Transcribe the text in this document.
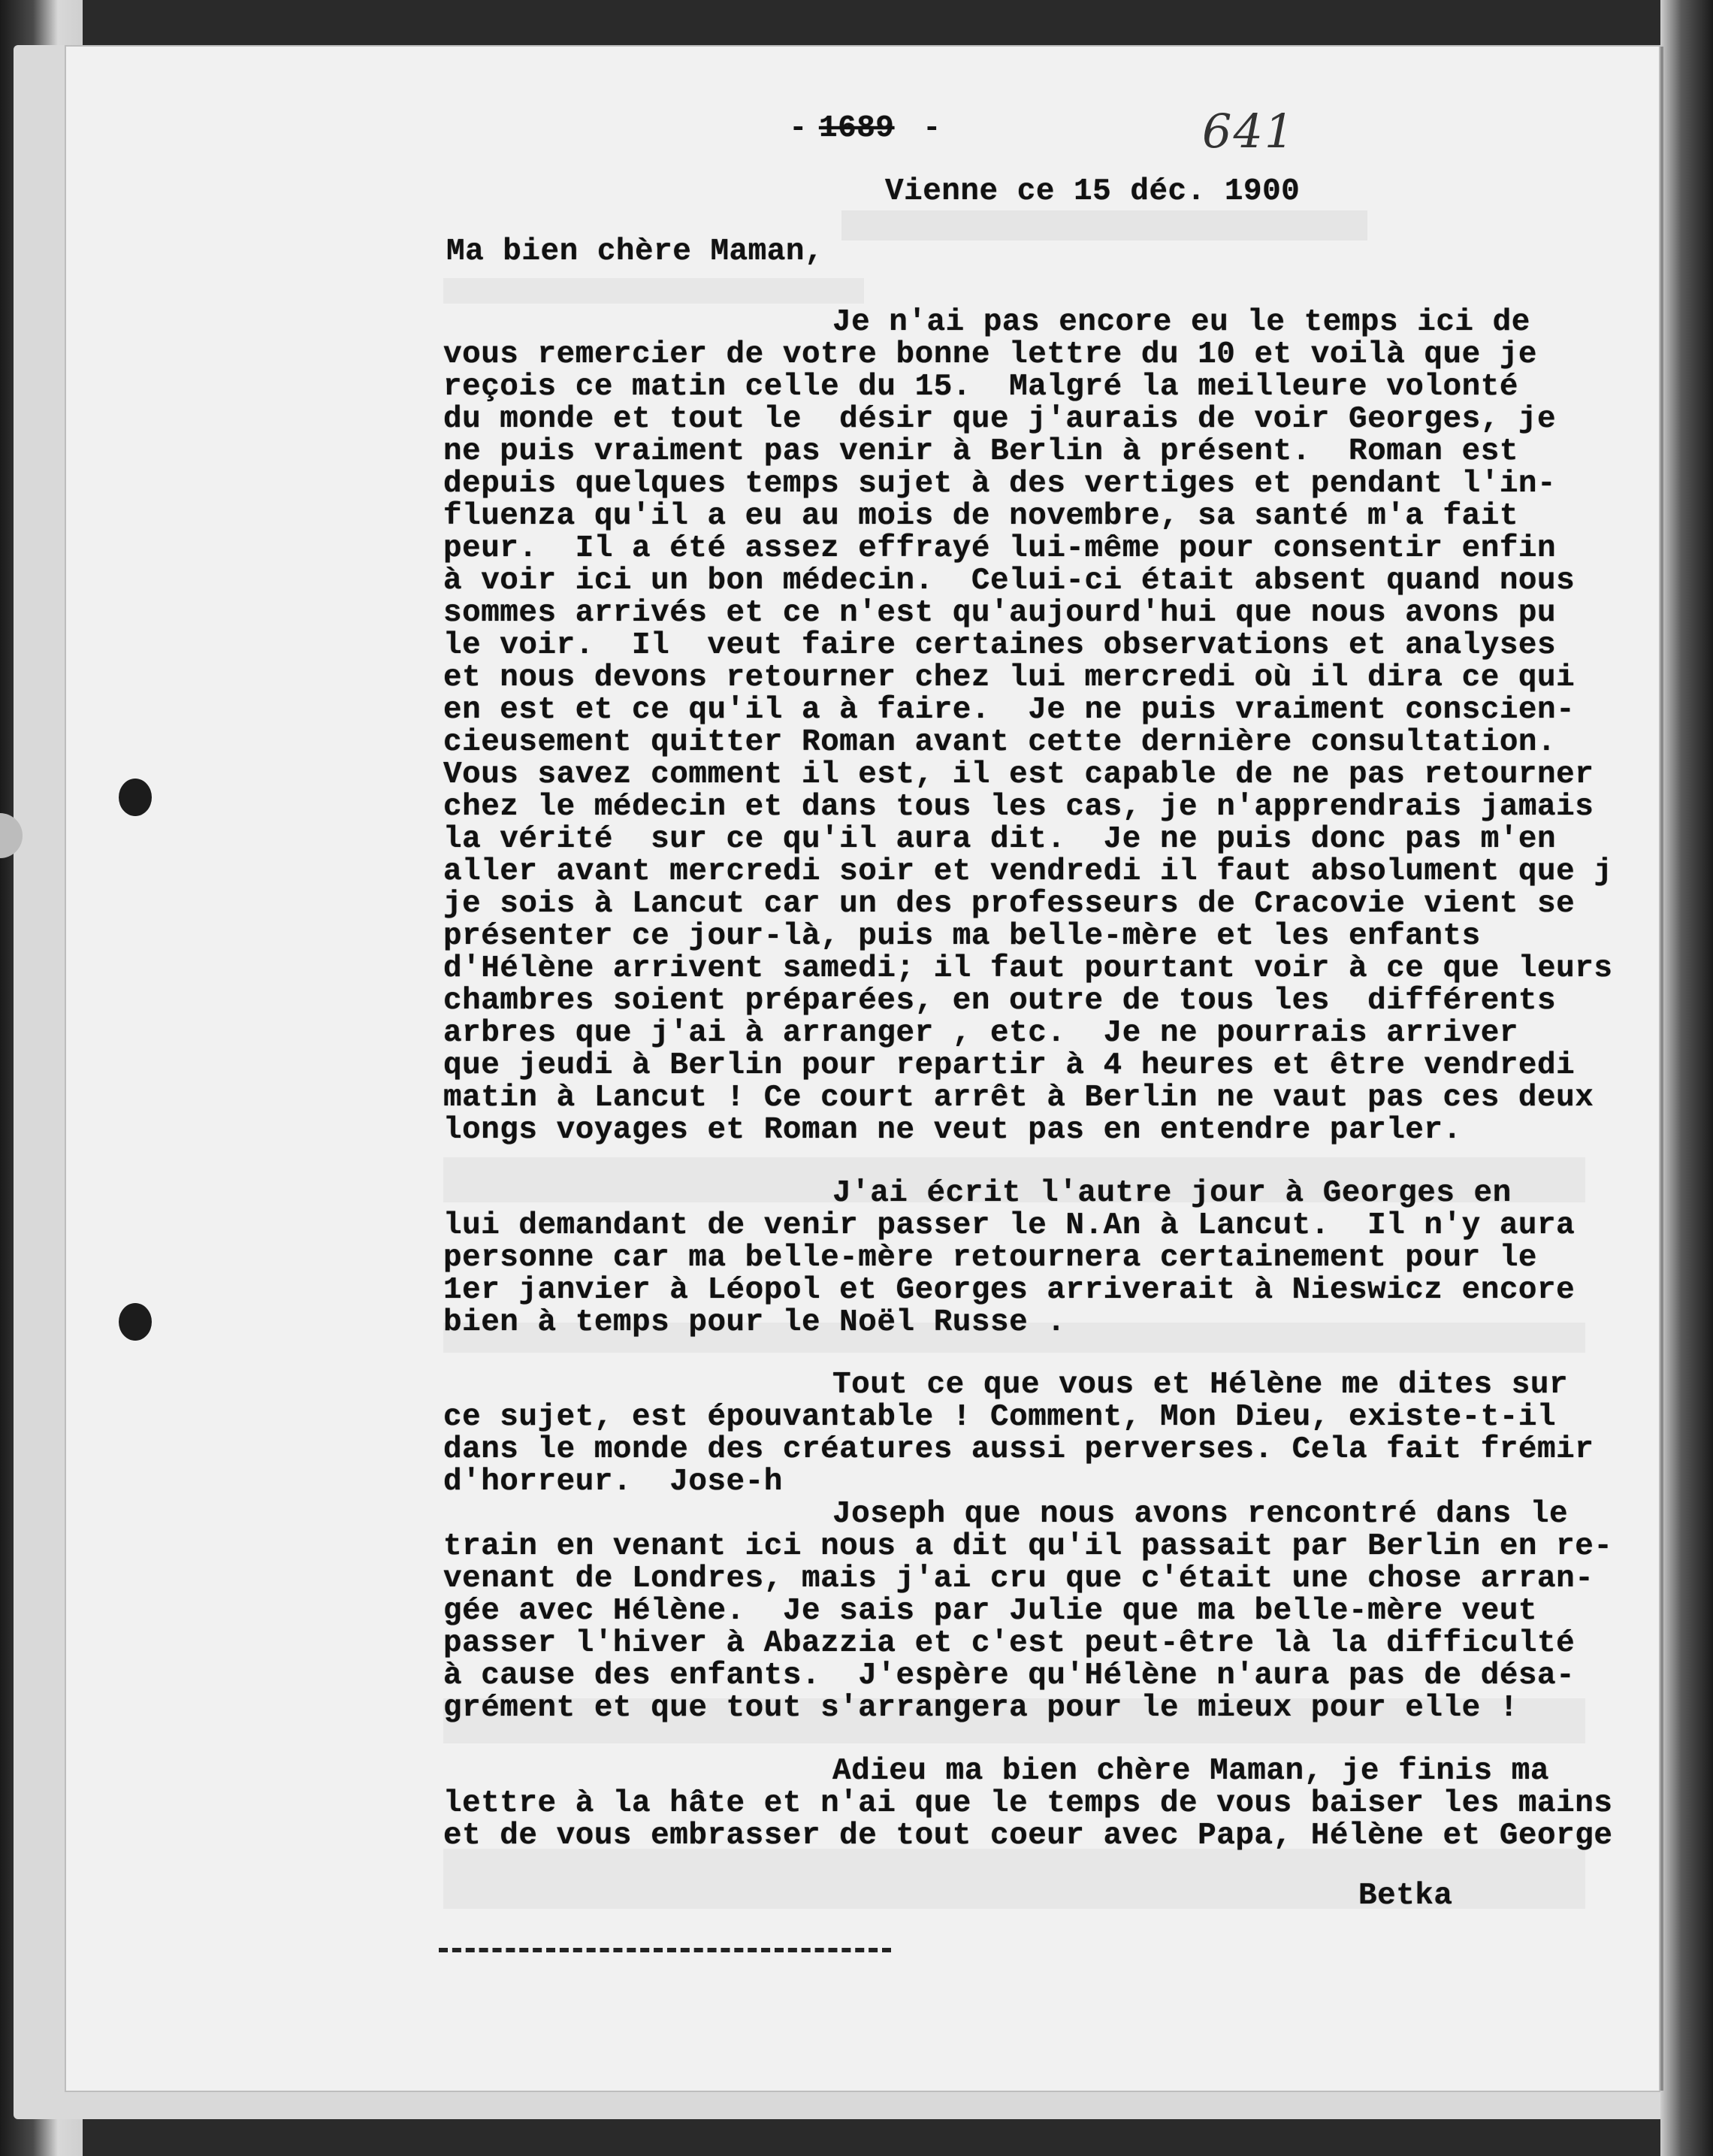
- 1689 -	641
Vienne ce 15 déc. 1900
Ma bien chère Maman,
Je n'ai pas encore eu le temps ici de
vous remercier de votre bonne lettre du 10 et voilà que je
reçois ce matin celle du 15.  Malgré la meilleure volonté
du monde et tout le  désir que j'aurais de voir Georges, je
ne puis vraiment pas venir à Berlin à présent.  Roman est
depuis quelques temps sujet à des vertiges et pendant l'in-
fluenza qu'il a eu au mois de novembre, sa santé m'a fait
peur.  Il a été assez effrayé lui-même pour consentir enfin
à voir ici un bon médecin.  Celui-ci était absent quand nous
sommes arrivés et ce n'est qu'aujourd'hui que nous avons pu
le voir.  Il  veut faire certaines observations et analyses
et nous devons retourner chez lui mercredi où il dira ce qui
en est et ce qu'il a à faire.  Je ne puis vraiment conscien-
cieusement quitter Roman avant cette dernière consultation.
Vous savez comment il est, il est capable de ne pas retourner
chez le médecin et dans tous les cas, je n'apprendrais jamais
la vérité  sur ce qu'il aura dit.  Je ne puis donc pas m'en
aller avant mercredi soir et vendredi il faut absolument que j
je sois à Lancut car un des professeurs de Cracovie vient se
présenter ce jour-là, puis ma belle-mère et les enfants
d'Hélène arrivent samedi; il faut pourtant voir à ce que leurs
chambres soient préparées, en outre de tous les  différents
arbres que j'ai à arranger , etc.  Je ne pourrais arriver
que jeudi à Berlin pour repartir à 4 heures et être vendredi
matin à Lancut ! Ce court arrêt à Berlin ne vaut pas ces deux
longs voyages et Roman ne veut pas en entendre parler.
J'ai écrit l'autre jour à Georges en
lui demandant de venir passer le N.An à Lancut.  Il n'y aura
personne car ma belle-mère retournera certainement pour le
1er janvier à Léopol et Georges arriverait à Nieswicz encore
bien à temps pour le Noël Russe .
Tout ce que vous et Hélène me dites sur
ce sujet, est épouvantable ! Comment, Mon Dieu, existe-t-il
dans le monde des créatures aussi perverses. Cela fait frémir
d'horreur.  Jose-h
Joseph que nous avons rencontré dans le
train en venant ici nous a dit qu'il passait par Berlin en re-
venant de Londres, mais j'ai cru que c'était une chose arran-
gée avec Hélène.  Je sais par Julie que ma belle-mère veut
passer l'hiver à Abazzia et c'est peut-être là la difficulté
à cause des enfants.  J'espère qu'Hélène n'aura pas de désa-
grément et que tout s'arrangera pour le mieux pour elle !
Adieu ma bien chère Maman, je finis ma
lettre à la hâte et n'ai que le temps de vous baiser les mains
et de vous embrasser de tout coeur avec Papa, Hélène et George
Betka
